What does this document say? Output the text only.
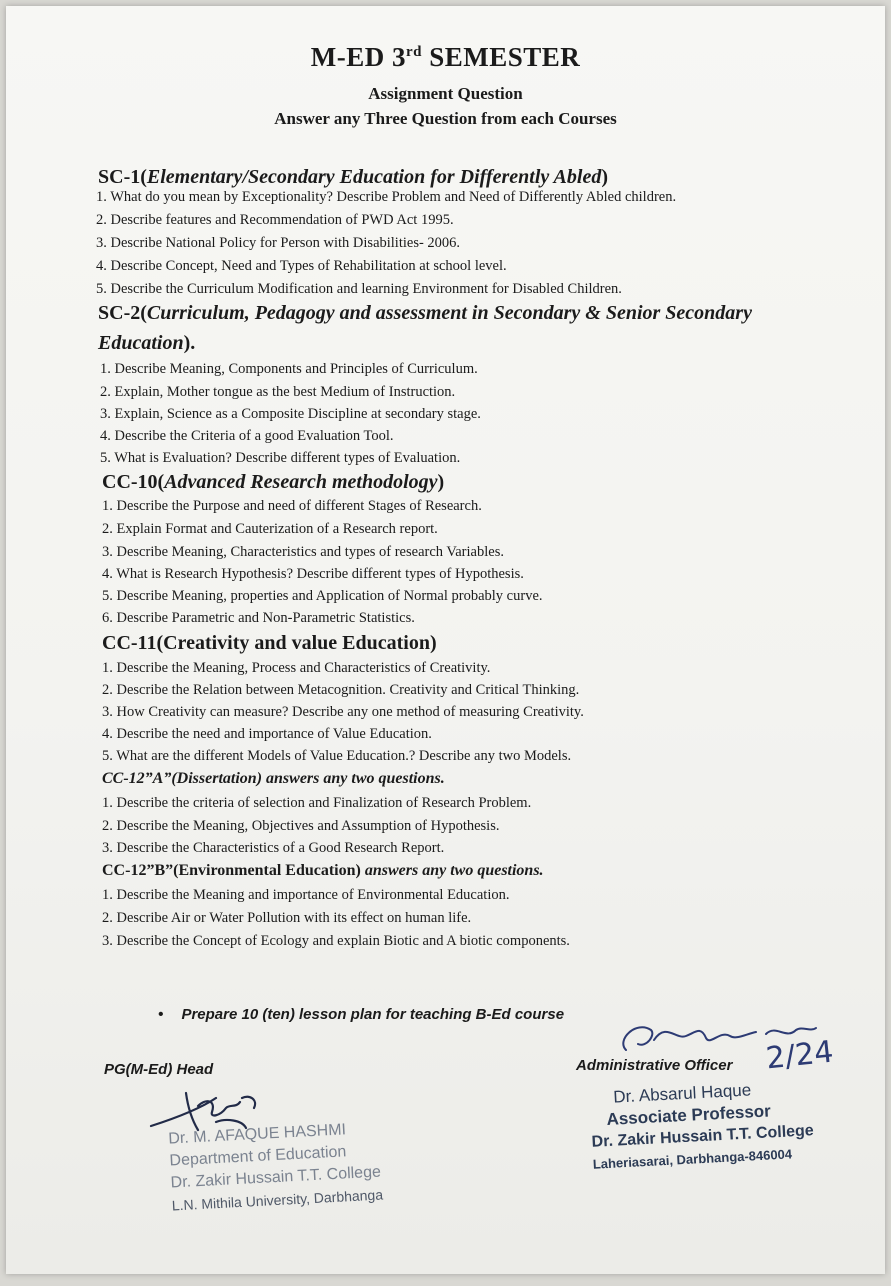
M-ED 3rd SEMESTER
Assignment Question
Answer any Three Question from each Courses
SC-1(Elementary/Secondary Education for Differently Abled)
1. What do you mean by Exceptionality? Describe Problem and Need of Differently Abled children.
2. Describe features and Recommendation of PWD Act 1995.
3. Describe National Policy for Person with Disabilities- 2006.
4. Describe Concept, Need and Types of Rehabilitation at school level.
5. Describe the Curriculum Modification and learning Environment for Disabled Children.
SC-2(Curriculum, Pedagogy and assessment in Secondary & Senior Secondary
Education).
1. Describe Meaning, Components and Principles of Curriculum.
2. Explain, Mother tongue as the best Medium of Instruction.
3. Explain, Science as a Composite Discipline at secondary stage.
4. Describe the Criteria of a good Evaluation Tool.
5. What is Evaluation? Describe different types of Evaluation.
CC-10(Advanced Research methodology)
1. Describe the Purpose and need of different Stages of Research.
2. Explain Format and Cauterization of a Research report.
3. Describe Meaning, Characteristics and types of research Variables.
4. What is Research Hypothesis? Describe different types of Hypothesis.
5. Describe Meaning, properties and Application of Normal probably curve.
6. Describe Parametric and Non-Parametric Statistics.
CC-11(Creativity and value Education)
1. Describe the Meaning, Process and Characteristics of Creativity.
2. Describe the Relation between Metacognition. Creativity and Critical Thinking.
3. How Creativity can measure? Describe any one method of measuring Creativity.
4. Describe the need and importance of Value Education.
5. What are the different Models of Value Education.? Describe any two Models.
CC-12”A”(Dissertation) answers any two questions.
1. Describe the criteria of selection and Finalization of Research Problem.
2. Describe the Meaning, Objectives and Assumption of Hypothesis.
3. Describe the Characteristics of a Good Research Report.
CC-12”B”(Environmental Education) answers any two questions.
1. Describe the Meaning and importance of Environmental Education.
2. Describe Air or Water Pollution with its effect on human life.
3. Describe the Concept of Ecology and explain Biotic and A biotic components.
• Prepare 10 (ten) lesson plan for teaching B-Ed course
PG(M-Ed) Head	Administrative Officer 2/24
Dr. M. AFAQUE HASHMI
Department of Education
Dr. Zakir Hussain T.T. College
L.N. Mithila University, Darbhanga
Dr. Absarul Haque
Associate Professor
Dr. Zakir Hussain T.T. College
Laheriasarai, Darbhanga-846004
